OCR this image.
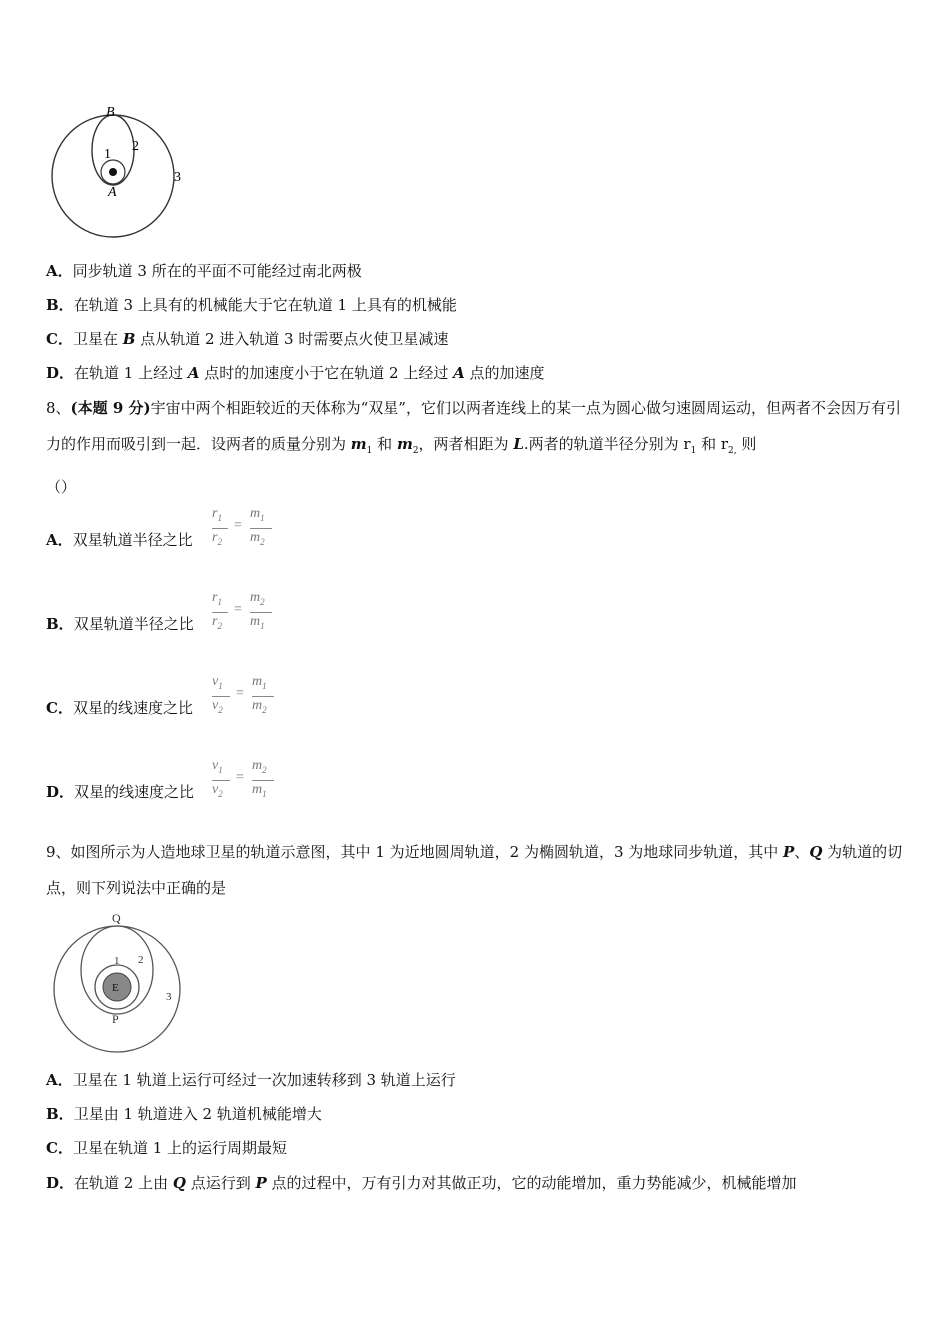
B
1
2
A
3
A．同步轨道 3 所在的平面不可能经过南北两极
B．在轨道 3 上具有的机械能大于它在轨道 1 上具有的机械能
C．卫星在 B 点从轨道 2 进入轨道 3 时需要点火使卫星减速
D．在轨道 1 上经过 A 点时的加速度小于它在轨道 2 上经过 A 点的加速度
8、(本题 9 分)宇宙中两个相距较近的天体称为“双星”，它们以两者连线上的某一点为圆心做匀速圆周运动，但两者不会因万有引力的作用而吸引到一起．设两者的质量分别为 $m_1$ 和 $m_2$，两者相距为 L.两者的轨道半径分别为 $r_1$ 和 $r_{2,}$ 则
（）
A．双星轨道半径之比
$r_1$
$r_2$
=
$m_1$
$m_2$
B．双星轨道半径之比
$r_1$
$r_2$
=
$m_2$
$m_1$
C．双星的线速度之比
$v_1$
$v_2$
=
$m_1$
$m_2$
D．双星的线速度之比
$v_1$
$v_2$
=
$m_2$
$m_1$
9、如图所示为人造地球卫星的轨道示意图，其中 1 为近地圆周轨道，2 为椭圆轨道，3 为地球同步轨道，其中 P、Q 为轨道的切点，则下列说法中正确的是
Q
1 2
E
3
P
A．卫星在 1 轨道上运行可经过一次加速转移到 3 轨道上运行
B．卫星由 1 轨道进入 2 轨道机械能增大
C．卫星在轨道 1 上的运行周期最短
D．在轨道 2 上由 Q 点运行到 P 点的过程中，万有引力对其做正功，它的动能增加，重力势能减少，机械能增加
